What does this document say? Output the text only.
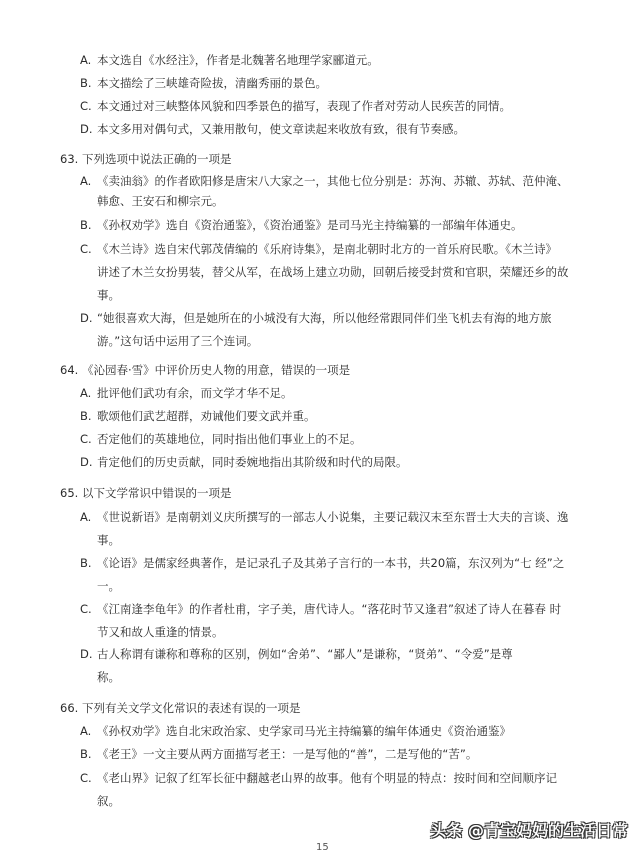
A. 本文选自《水经注》，作者是北魏著名地理学家郦道元。
B. 本文描绘了三峡雄奇险拔，清幽秀丽的景色。
C. 本文通过对三峡整体风貌和四季景色的描写，表现了作者对劳动人民疾苦的同情。
D. 本文多用对偶句式，又兼用散句，使文章读起来收放有致，很有节奏感。
63. 下列选项中说法正确的一项是
A. 《卖油翁》的作者欧阳修是唐宋八大家之一，其他七位分别是：苏洵、苏辙、苏轼、范仲淹、
韩愈、王安石和柳宗元。
B. 《孙权劝学》选自《资治通鉴》，《资治通鉴》是司马光主持编纂的一部编年体通史。
C. 《木兰诗》选自宋代郭茂倩编的《乐府诗集》，是南北朝时北方的一首乐府民歌。《木兰诗》
讲述了木兰女扮男装，替父从军，在战场上建立功勋，回朝后接受封赏和官职，荣耀还乡的故
事。
D. “她很喜欢大海，但是她所在的小城没有大海，所以他经常跟同伴们坐飞机去有海的地方旅
游。”这句话中运用了三个连词。
64. 《沁园春·雪》中评价历史人物的用意，错误的一项是
A. 批评他们武功有余，而文学才华不足。
B. 歌颂他们武艺超群，劝诫他们要文武并重。
C. 否定他们的英雄地位，同时指出他们事业上的不足。
D. 肯定他们的历史贡献，同时委婉地指出其阶级和时代的局限。
65. 以下文学常识中错误的一项是
A. 《世说新语》是南朝刘义庆所撰写的一部志人小说集，主要记载汉末至东晋士大夫的言谈、逸
事。
B. 《论语》是儒家经典著作，是记录孔子及其弟子言行的一本书，共20篇，东汉列为“七 经”之
一。
C. 《江南逢李龟年》的作者杜甫，字子美，唐代诗人。“落花时节又逢君”叙述了诗人在暮春 时
节又和故人重逢的情景。
D. 古人称谓有谦称和尊称的区别，例如“舍弟”、“鄙人”是谦称，“贤弟”、“令爱”是尊
称。
66. 下列有关文学文化常识的表述有误的一项是
A. 《孙权劝学》选自北宋政治家、史学家司马光主持编纂的编年体通史《资治通鉴》
B. 《老王》一文主要从两方面描写老王：一是写他的“善”，二是写他的“苦”。
C. 《老山界》记叙了红军长征中翻越老山界的故事。他有个明显的特点：按时间和空间顺序记
叙。
头条 @青宝妈妈的生活日常
15
